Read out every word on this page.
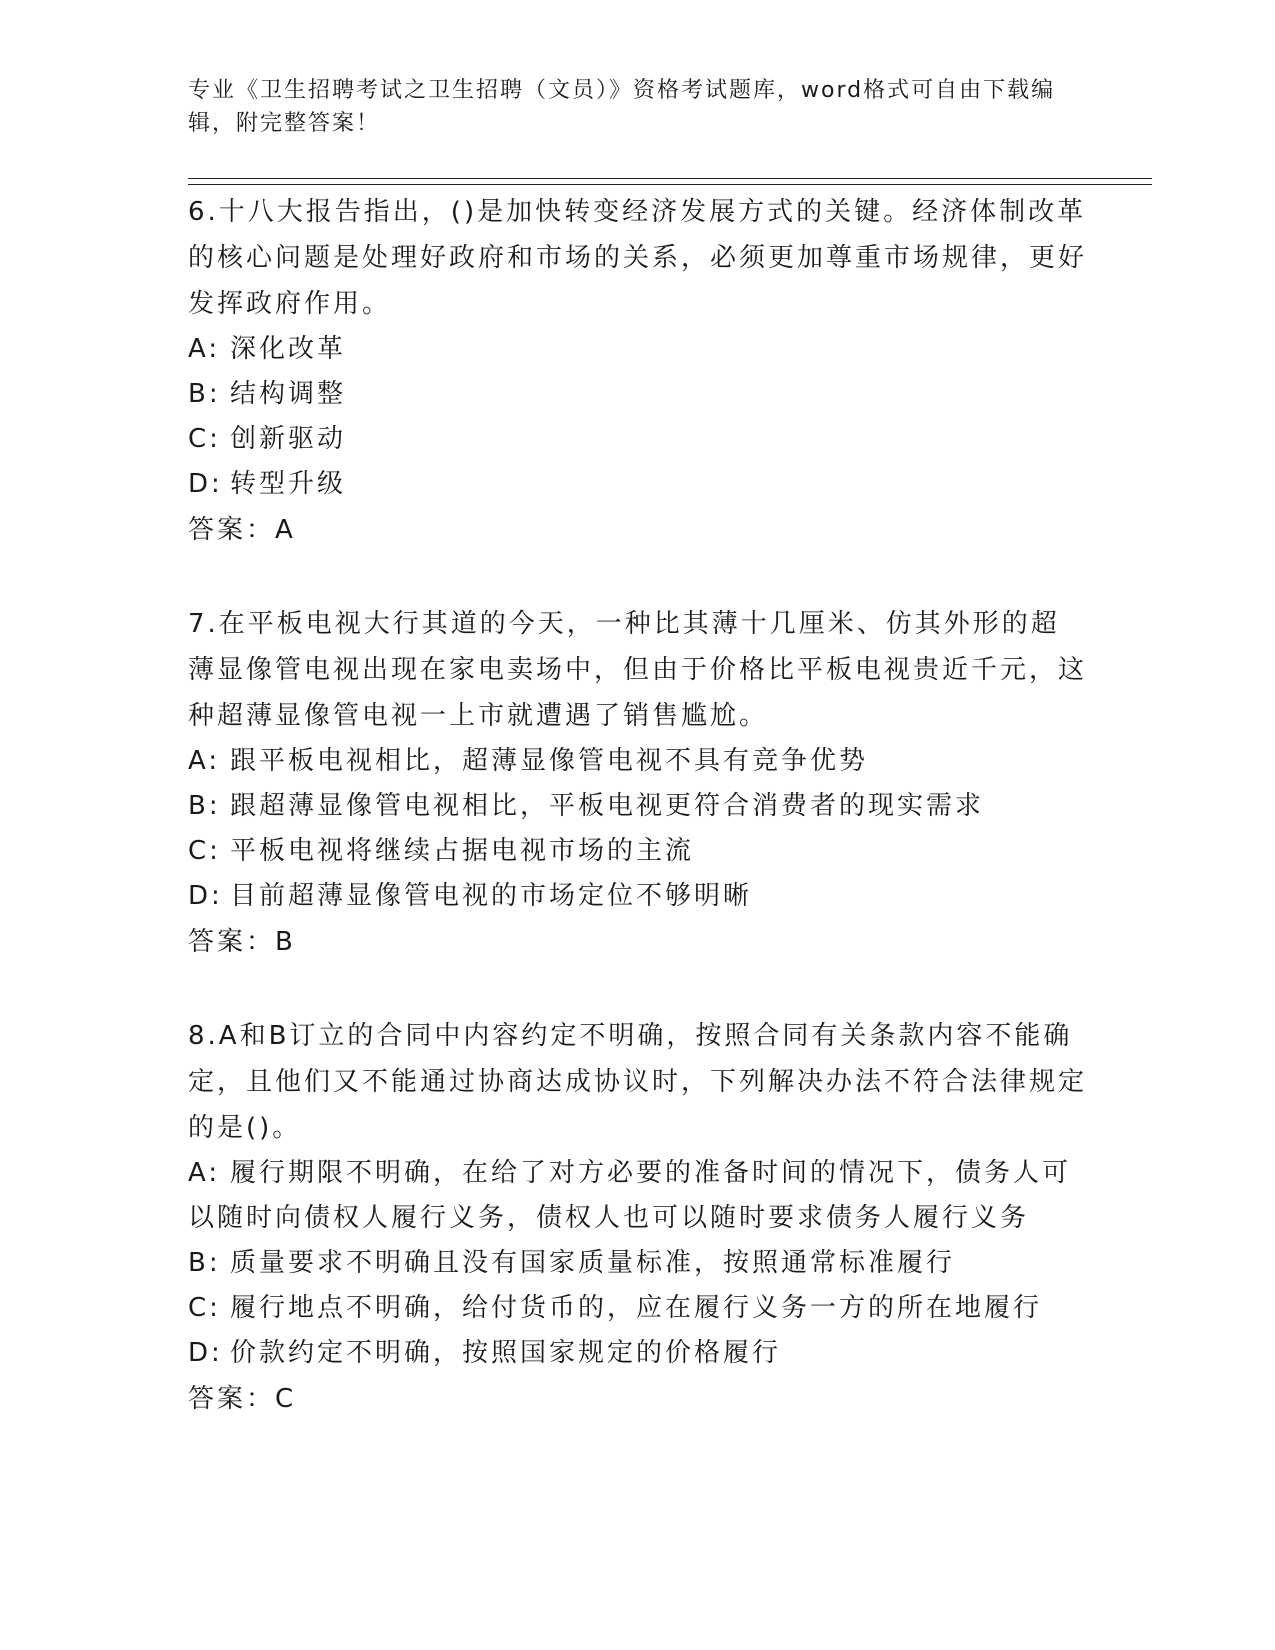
专业《卫生招聘考试之卫生招聘（文员）》资格考试题库，word格式可自由下载编辑，附完整答案！
6.十八大报告指出，()是加快转变经济发展方式的关键。经济体制改革的核心问题是处理好政府和市场的关系，必须更加尊重市场规律，更好发挥政府作用。
A: 深化改革
B: 结构调整
C: 创新驱动
D: 转型升级
答案：A
7.在平板电视大行其道的今天，一种比其薄十几厘米、仿其外形的超薄显像管电视出现在家电卖场中，但由于价格比平板电视贵近千元，这种超薄显像管电视一上市就遭遇了销售尴尬。
A: 跟平板电视相比，超薄显像管电视不具有竞争优势
B: 跟超薄显像管电视相比，平板电视更符合消费者的现实需求
C: 平板电视将继续占据电视市场的主流
D: 目前超薄显像管电视的市场定位不够明晰
答案：B
8.A和B订立的合同中内容约定不明确，按照合同有关条款内容不能确定，且他们又不能通过协商达成协议时，下列解决办法不符合法律规定的是()。
A: 履行期限不明确，在给了对方必要的准备时间的情况下，债务人可以随时向债权人履行义务，债权人也可以随时要求债务人履行义务
B: 质量要求不明确且没有国家质量标准，按照通常标准履行
C: 履行地点不明确，给付货币的，应在履行义务一方的所在地履行
D: 价款约定不明确，按照国家规定的价格履行
答案：C
